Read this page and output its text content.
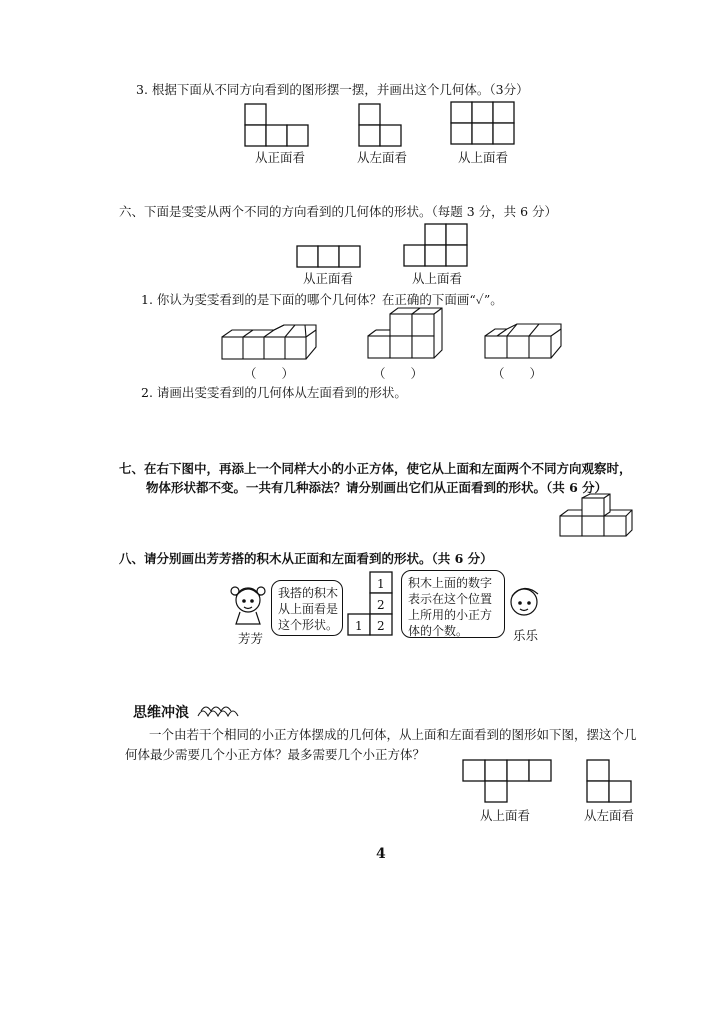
3. 根据下面从不同方向看到的图形摆一摆，并画出这个几何体。（3分）
从正面看	从左面看	从上面看
六、下面是雯雯从两个不同的方向看到的几何体的形状。（每题 3 分，共 6 分）
从正面看	从上面看
1. 你认为雯雯看到的是下面的哪个几何体？在正确的下面画“✓”。
（　　）	（　　）	（　　）
2. 请画出雯雯看到的几何体从左面看到的形状。
七、在右下图中，再添上一个同样大小的小正方体，使它从上面和左面两个不同方向观察时，
物体形状都不变。一共有几种添法？请分别画出它们从正面看到的形状。（共 6 分）
八、请分别画出芳芳搭的积木从正面和左面看到的形状。（共 6 分）
芳芳
我搭的积木
从上面看是
这个形状。
1
2
1 2
积木上面的数字
表示在这个位置
上所用的小正方
体的个数。	乐乐
思维冲浪
一个由若干个相同的小正方体摆成的几何体，从上面和左面看到的图形如下图，摆这个几
何体最少需要几个小正方体？最多需要几个小正方体？
从上面看	从左面看
4
